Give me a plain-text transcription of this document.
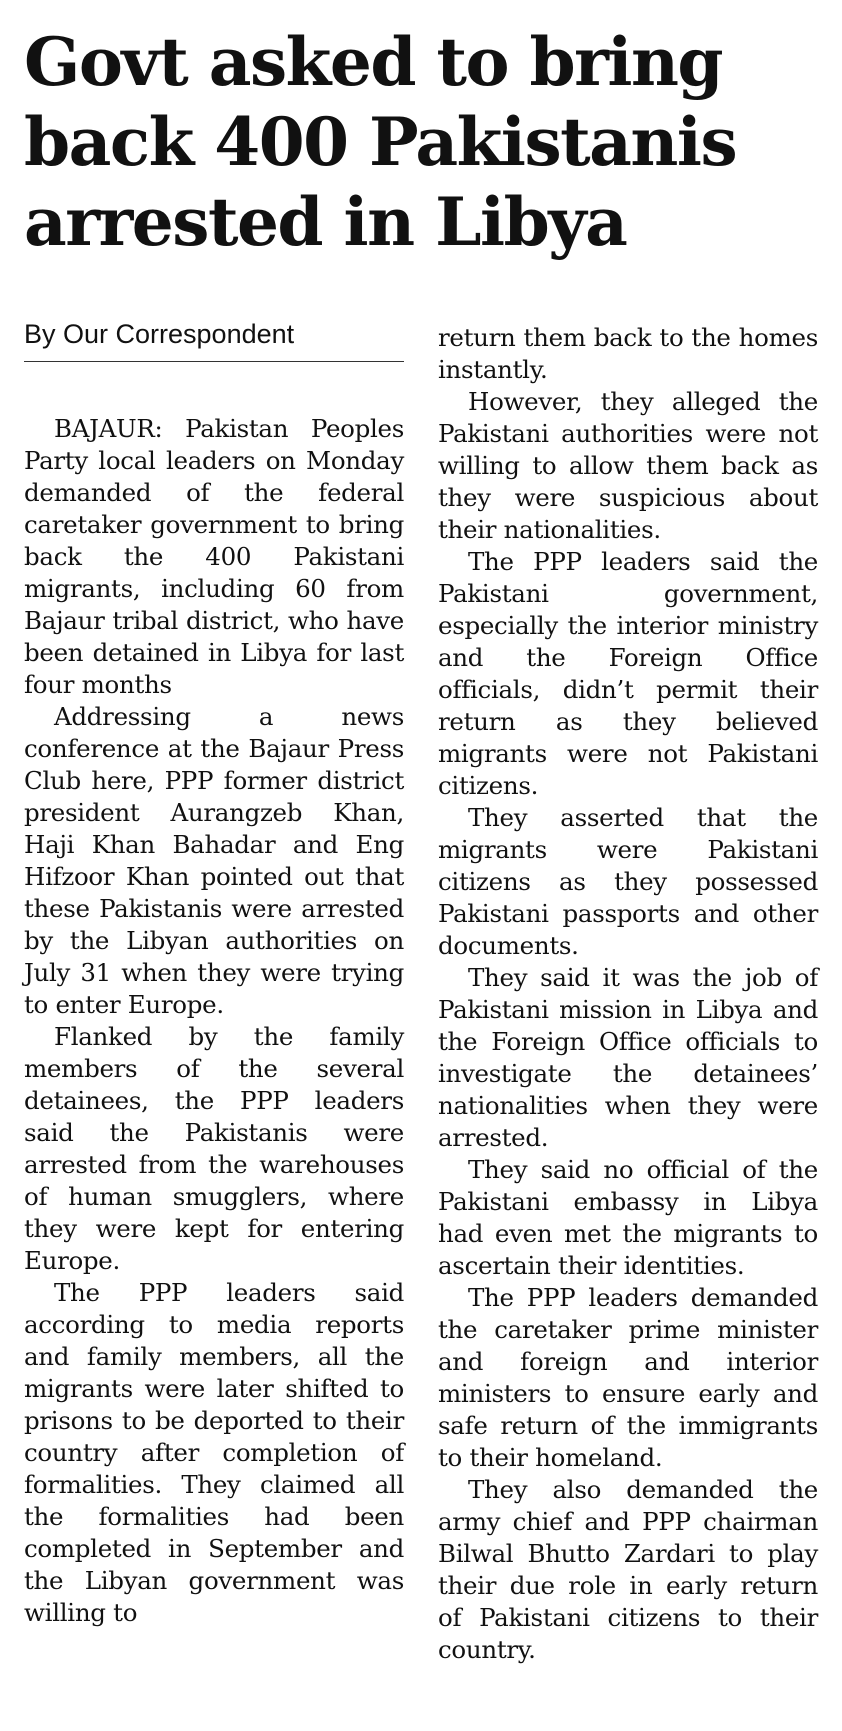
Govt asked to bring back 400 Pakistanis arrested in Libya
By Our Correspondent

BAJAUR: Pakistan Peoples Party local leaders on Monday demanded of the federal caretaker government to bring back the 400 Pakistani migrants, including 60 from Bajaur tribal district, who have been detained in Libya for last four months

Addressing a news conference at the Bajaur Press Club here, PPP former district president Aurangzeb Khan, Haji Khan Bahadar and Eng Hifzoor Khan pointed out that these Pakistanis were arrested by the Libyan authorities on July 31 when they were trying to enter Europe.

Flanked by the family members of the several detainees, the PPP leaders said the Pakistanis were arrested from the warehouses of human smugglers, where they were kept for entering Europe.

The PPP leaders said according to media reports and family members, all the migrants were later shifted to prisons to be deported to their country after completion of formalities. They claimed all the formalities had been completed in September and the Libyan government was willing to

return them back to the homes instantly.

However, they alleged the Pakistani authorities were not willing to allow them back as they were suspicious about their nationalities.

The PPP leaders said the Pakistani government, especially the interior ministry and the Foreign Office officials, didn’t permit their return as they believed migrants were not Pakistani citizens.

They asserted that the migrants were Pakistani citizens as they possessed Pakistani passports and other documents.

They said it was the job of Pakistani mission in Libya and the Foreign Office officials to investigate the detainees’ nationalities when they were arrested.

They said no official of the Pakistani embassy in Libya had even met the migrants to ascertain their identities.

The PPP leaders demanded the caretaker prime minister and foreign and interior ministers to ensure early and safe return of the immigrants to their homeland.

They also demanded the army chief and PPP chairman Bilwal Bhutto Zardari to play their due role in early return of Pakistani citizens to their country.
